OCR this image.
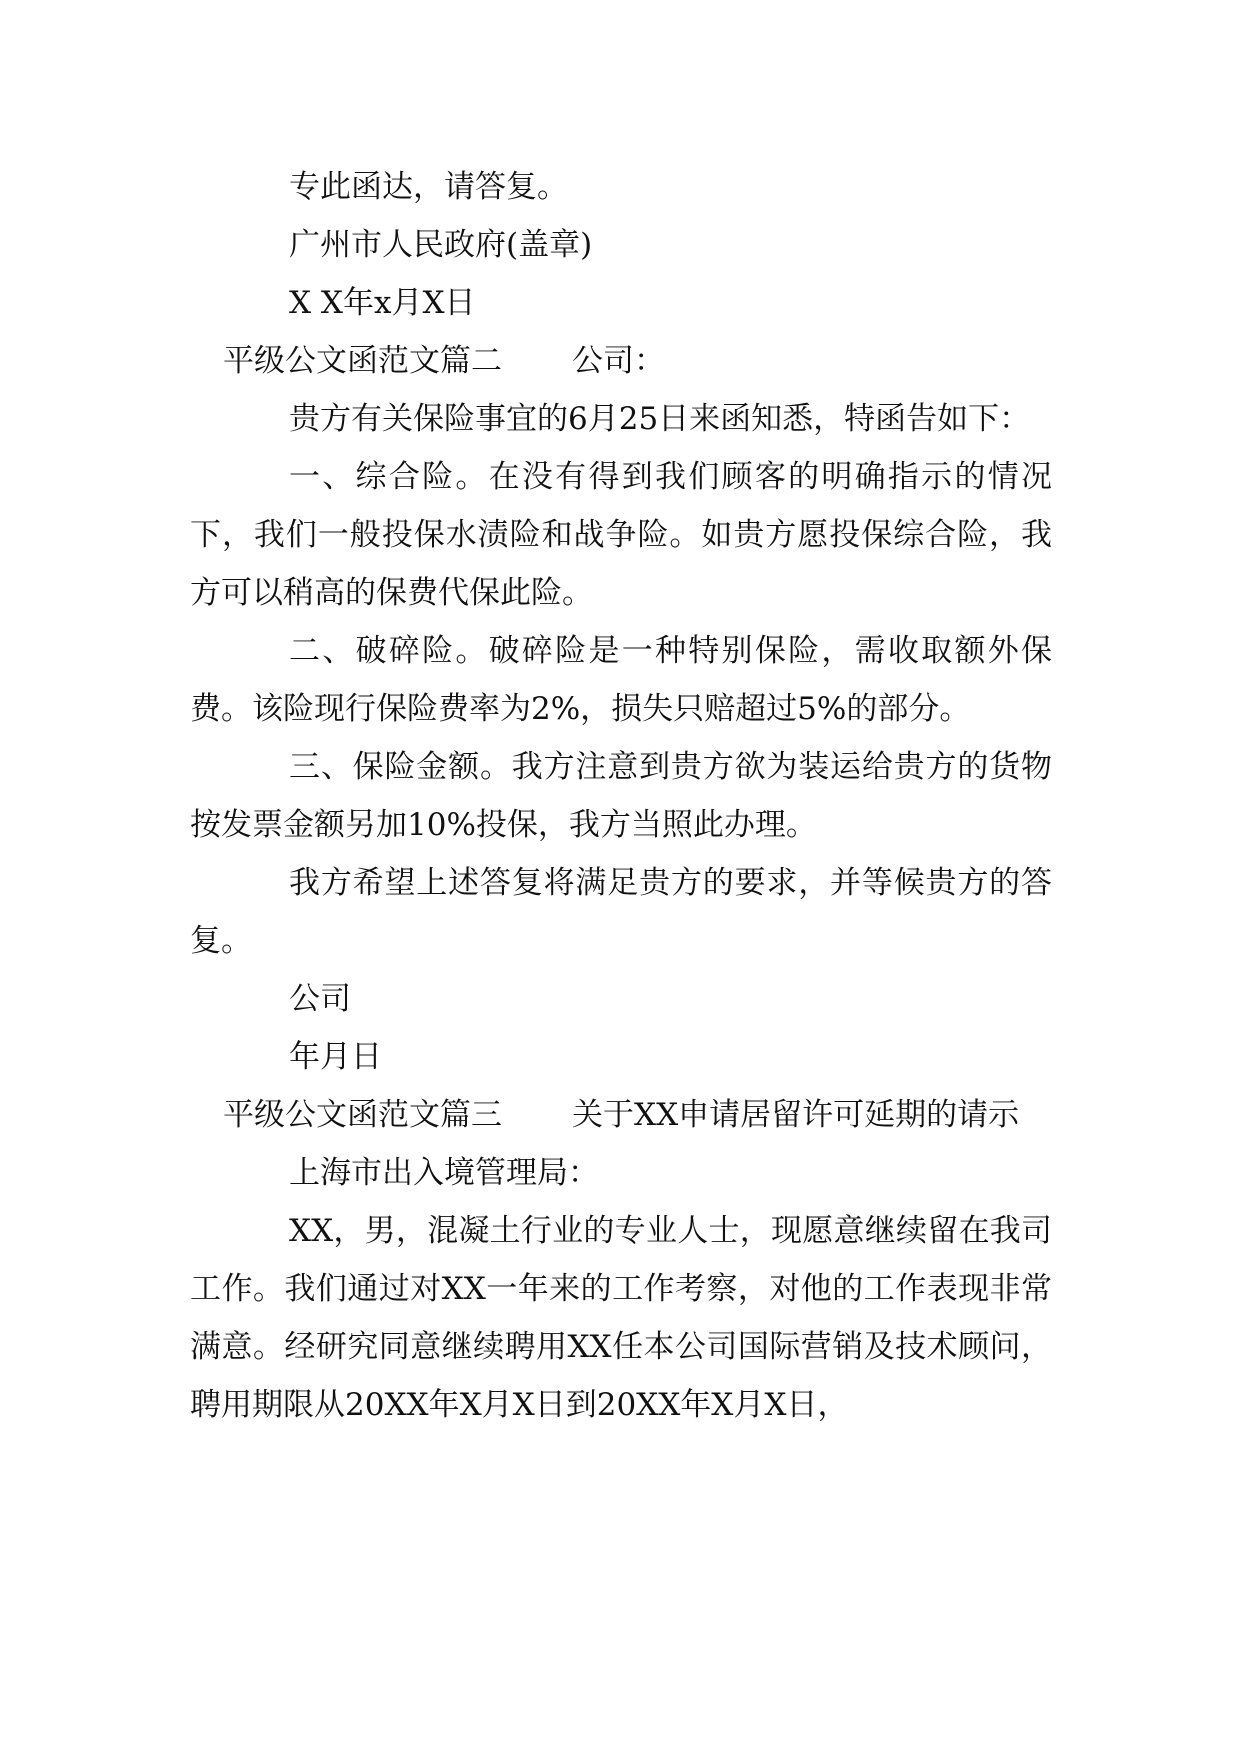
专此函达，请答复。

广州市人民政府(盖章)

X X年x月X日

平级公文函范文篇二 公司：

贵方有关保险事宜的6月25日来函知悉，特函告如下：

一、综合险。在没有得到我们顾客的明确指示的情况下，我们一般投保水渍险和战争险。如贵方愿投保综合险，我方可以稍高的保费代保此险。

二、破碎险。破碎险是一种特别保险，需收取额外保费。该险现行保险费率为2%，损失只赔超过5%的部分。

三、保险金额。我方注意到贵方欲为装运给贵方的货物按发票金额另加10%投保，我方当照此办理。

我方希望上述答复将满足贵方的要求，并等候贵方的答复。

公司

年月日

平级公文函范文篇三 关于XX申请居留许可延期的请示

上海市出入境管理局：

XX，男，混凝土行业的专业人士，现愿意继续留在我司工作。我们通过对XX一年来的工作考察，对他的工作表现非常满意。经研究同意继续聘用XX任本公司国际营销及技术顾问，聘用期限从20XX年X月X日到20XX年X月X日，
